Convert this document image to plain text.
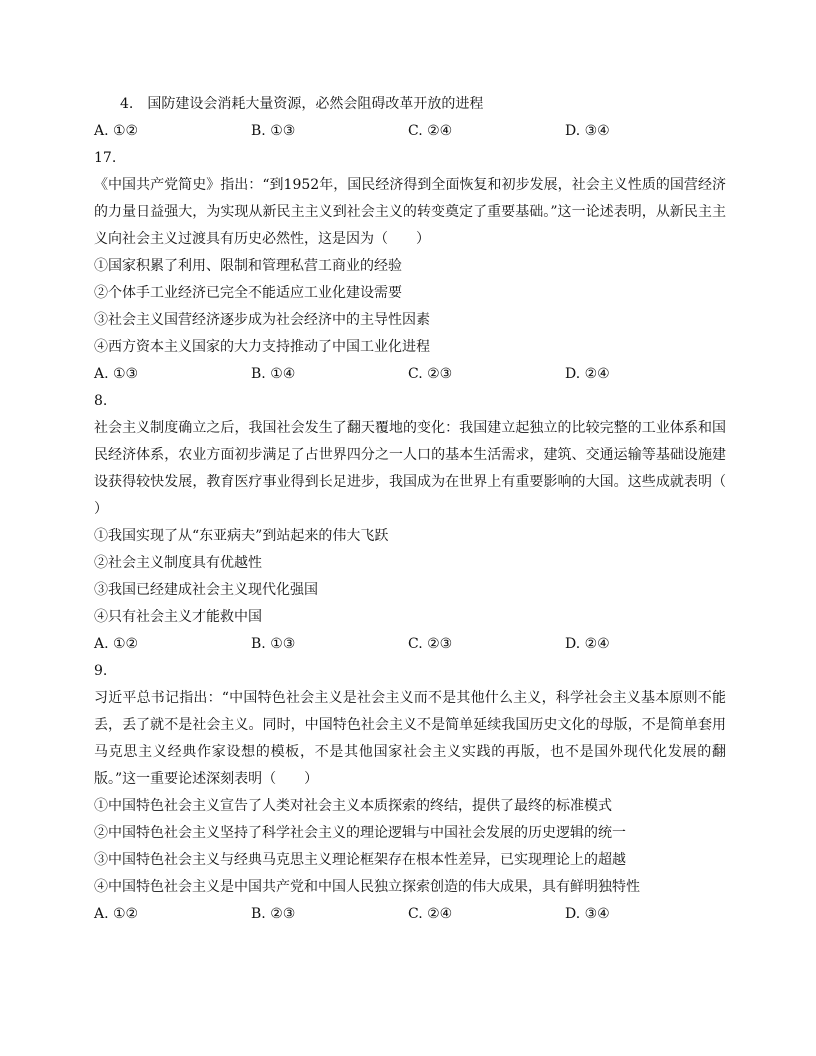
4.　国防建设会消耗大量资源，必然会阻碍改革开放的进程
A. ①②	B. ①③	C. ②④	D. ③④
17.
《中国共产党简史》指出：“到1952年，国民经济得到全面恢复和初步发展，社会主义性质的国营经济的力量日益强大，为实现从新民主主义到社会主义的转变奠定了重要基础。”这一论述表明，从新民主主义向社会主义过渡具有历史必然性，这是因为（　　）
①国家积累了利用、限制和管理私营工商业的经验
②个体手工业经济已完全不能适应工业化建设需要
③社会主义国营经济逐步成为社会经济中的主导性因素
④西方资本主义国家的大力支持推动了中国工业化进程
A. ①③	B. ①④	C. ②③	D. ②④
8.
社会主义制度确立之后，我国社会发生了翻天覆地的变化：我国建立起独立的比较完整的工业体系和国民经济体系，农业方面初步满足了占世界四分之一人口的基本生活需求，建筑、交通运输等基础设施建设获得较快发展，教育医疗事业得到长足进步，我国成为在世界上有重要影响的大国。这些成就表明（　　）
①我国实现了从“东亚病夫”到站起来的伟大飞跃
②社会主义制度具有优越性
③我国已经建成社会主义现代化强国
④只有社会主义才能救中国
A. ①②	B. ①③	C. ②③	D. ②④
9.
习近平总书记指出：“中国特色社会主义是社会主义而不是其他什么主义，科学社会主义基本原则不能丢，丢了就不是社会主义。同时，中国特色社会主义不是简单延续我国历史文化的母版，不是简单套用马克思主义经典作家设想的模板，不是其他国家社会主义实践的再版，也不是国外现代化发展的翻版。”这一重要论述深刻表明（　　）
①中国特色社会主义宣告了人类对社会主义本质探索的终结，提供了最终的标准模式
②中国特色社会主义坚持了科学社会主义的理论逻辑与中国社会发展的历史逻辑的统一
③中国特色社会主义与经典马克思主义理论框架存在根本性差异，已实现理论上的超越
④中国特色社会主义是中国共产党和中国人民独立探索创造的伟大成果，具有鲜明独特性
A. ①②	B. ②③	C. ②④	D. ③④
